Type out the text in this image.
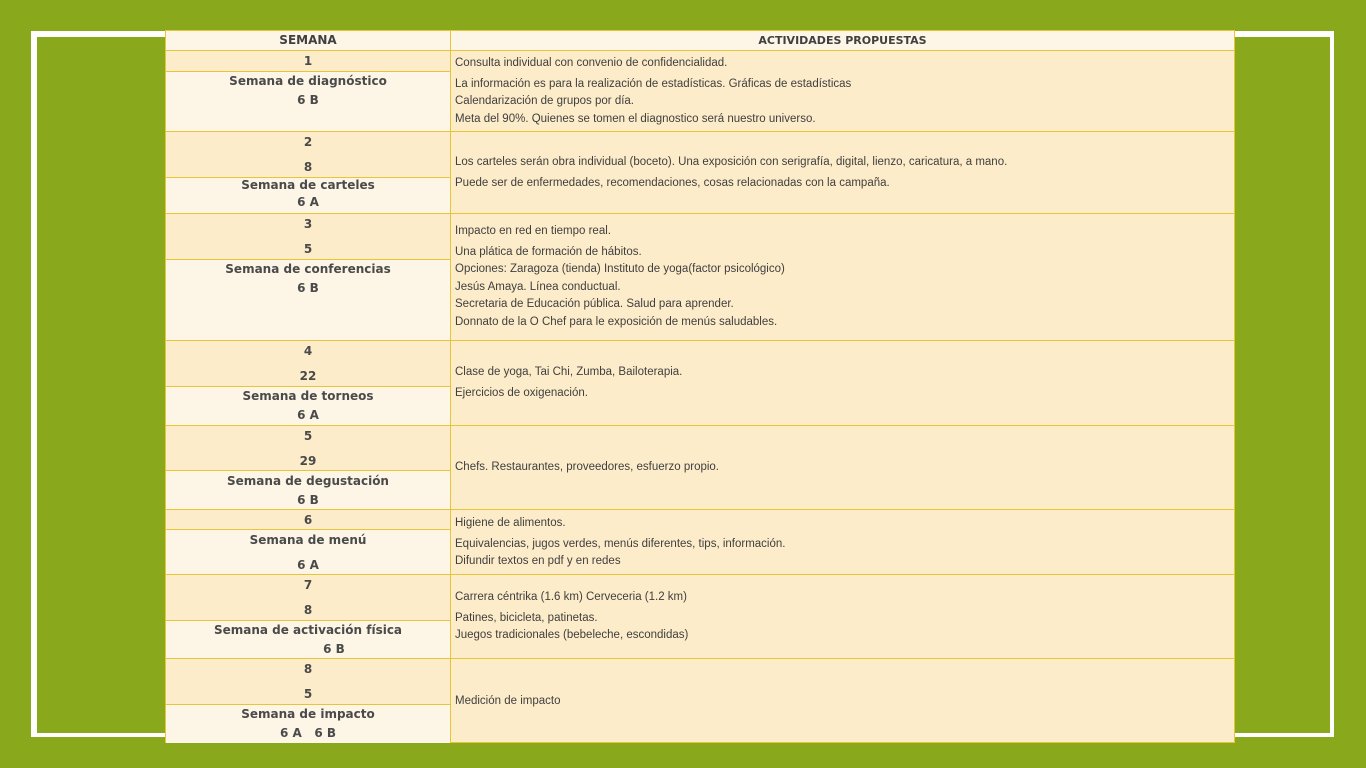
SEMANA	ACTIVIDADES PROPUESTAS
1
Semana de diagnóstico
6 B
Consulta individual con convenio de confidencialidad.
La información es para la realización de estadísticas. Gráficas de estadísticas
Calendarización de grupos por día.
Meta del 90%. Quienes se tomen el diagnostico será nuestro universo.
2
8
Semana de carteles
6 A
Los carteles serán obra individual (boceto). Una exposición con serigrafía, digital, lienzo, caricatura, a mano.
Puede ser de enfermedades, recomendaciones, cosas relacionadas con la campaña.
3
5
Semana de conferencias
6 B
Impacto en red en tiempo real.
Una plática de formación de hábitos.
Opciones: Zaragoza (tienda) Instituto de yoga(factor psicológico)
Jesús Amaya. Línea conductual.
Secretaria de Educación pública. Salud para aprender.
Donnato de la O Chef para le exposición de menús saludables.
4
22
Semana de torneos
6 A
Clase de yoga, Tai Chi, Zumba, Bailoterapia.
Ejercicios de oxigenación.
5
29
Semana de degustación
6 B
Chefs. Restaurantes, proveedores, esfuerzo propio.
6
Semana de menú
6 A
Higiene de alimentos.
Equivalencias, jugos verdes, menús diferentes, tips, información.
Difundir textos en pdf y en redes
7
8
Semana de activación física
6 B
Carrera céntrika (1.6 km) Cerveceria (1.2 km)
Patines, bicicleta, patinetas.
Juegos tradicionales (bebeleche, escondidas)
8
5
Semana de impacto
6 A   6 B
Medición de impacto
